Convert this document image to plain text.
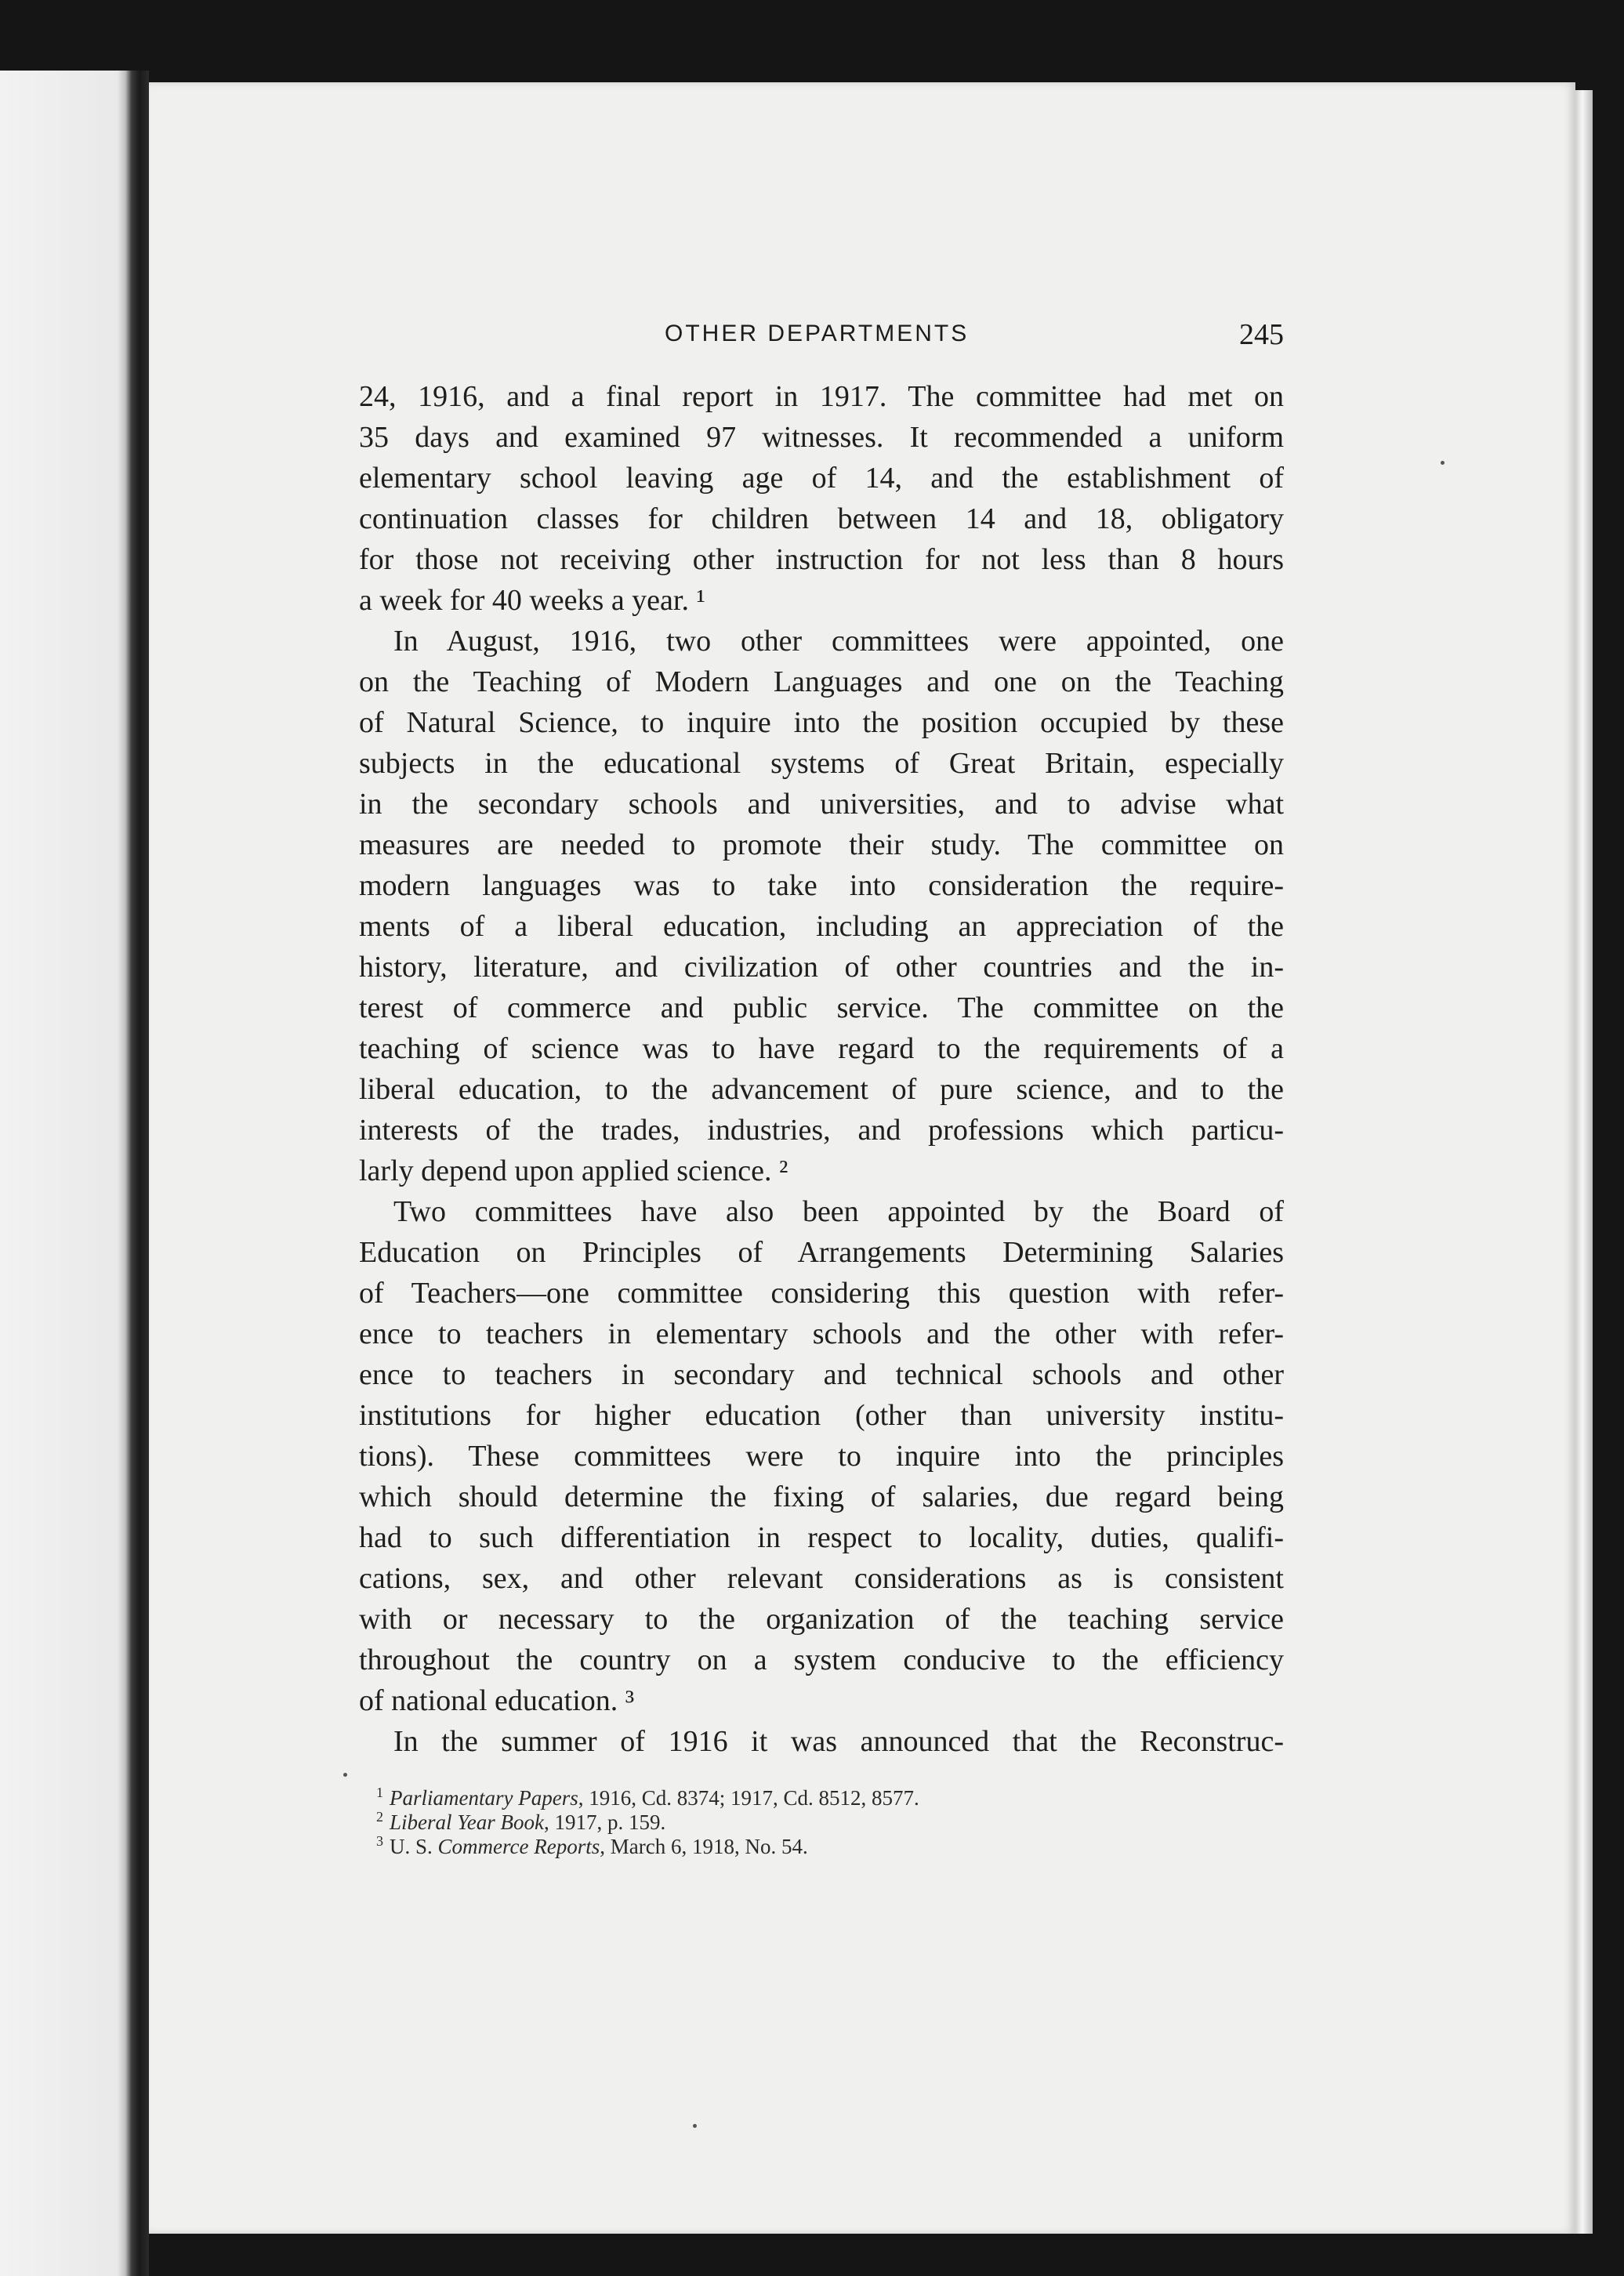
OTHER DEPARTMENTS	245
24, 1916, and a final report in 1917. The committee had met on
35 days and examined 97 witnesses. It recommended a uniform
elementary school leaving age of 14, and the establishment of
continuation classes for children between 14 and 18, obligatory
for those not receiving other instruction for not less than 8 hours
a week for 40 weeks a year. ¹
In August, 1916, two other committees were appointed, one
on the Teaching of Modern Languages and one on the Teaching
of Natural Science, to inquire into the position occupied by these
subjects in the educational systems of Great Britain, especially
in the secondary schools and universities, and to advise what
measures are needed to promote their study. The committee on
modern languages was to take into consideration the require-
ments of a liberal education, including an appreciation of the
history, literature, and civilization of other countries and the in-
terest of commerce and public service. The committee on the
teaching of science was to have regard to the requirements of a
liberal education, to the advancement of pure science, and to the
interests of the trades, industries, and professions which particu-
larly depend upon applied science. ²
Two committees have also been appointed by the Board of
Education on Principles of Arrangements Determining Salaries
of Teachers—one committee considering this question with refer-
ence to teachers in elementary schools and the other with refer-
ence to teachers in secondary and technical schools and other
institutions for higher education (other than university institu-
tions). These committees were to inquire into the principles
which should determine the fixing of salaries, due regard being
had to such differentiation in respect to locality, duties, qualifi-
cations, sex, and other relevant considerations as is consistent
with or necessary to the organization of the teaching service
throughout the country on a system conducive to the efficiency
of national education. ³
In the summer of 1916 it was announced that the Reconstruc-
$^1$ Parliamentary Papers, 1916, Cd. 8374; 1917, Cd. 8512, 8577.
$^2$ Liberal Year Book, 1917, p. 159.
$^3$ U. S. Commerce Reports, March 6, 1918, No. 54.
